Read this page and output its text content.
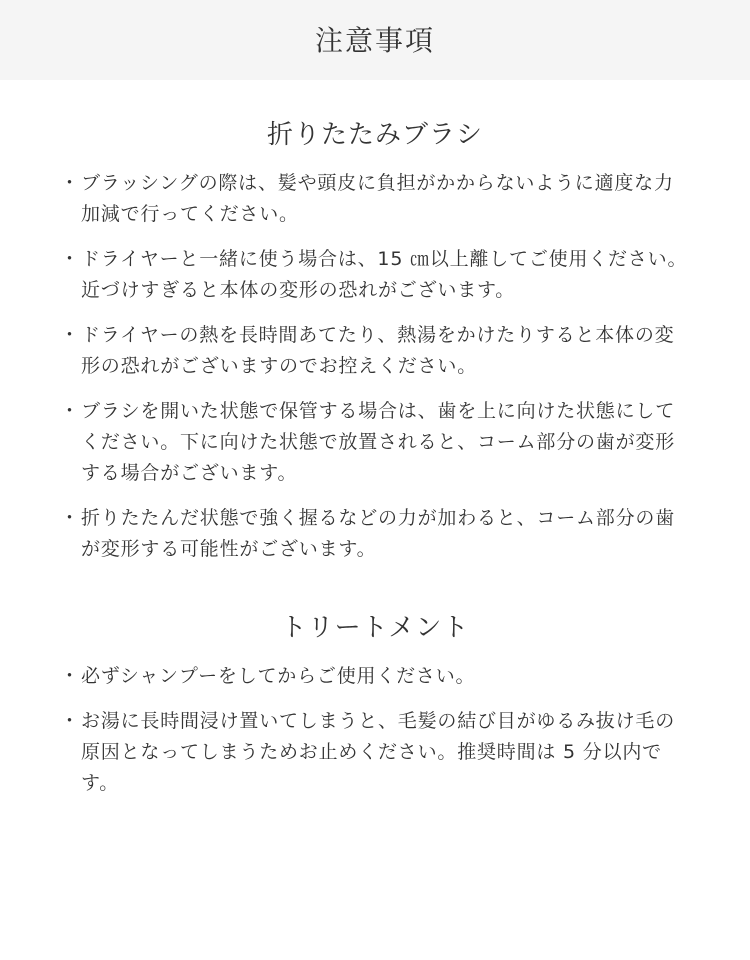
注意事項
折りたたみブラシ
・ ブラッシングの際は、髪や頭皮に負担がかからないように適度な力加減で行ってください。
・ ドライヤーと一緒に使う場合は、15 ㎝以上離してご使用ください。近づけすぎると本体の変形の恐れがございます。
・ ドライヤーの熱を長時間あてたり、熱湯をかけたりすると本体の変形の恐れがございますのでお控えください。
・ ブラシを開いた状態で保管する場合は、歯を上に向けた状態にしてください。下に向けた状態で放置されると、コーム部分の歯が変形する場合がございます。
・ 折りたたんだ状態で強く握るなどの力が加わると、コーム部分の歯が変形する可能性がございます。
トリートメント
・ 必ずシャンプーをしてからご使用ください。
・ お湯に長時間浸け置いてしまうと、毛髪の結び目がゆるみ抜け毛の原因となってしまうためお止めください。推奨時間は 5 分以内です。
